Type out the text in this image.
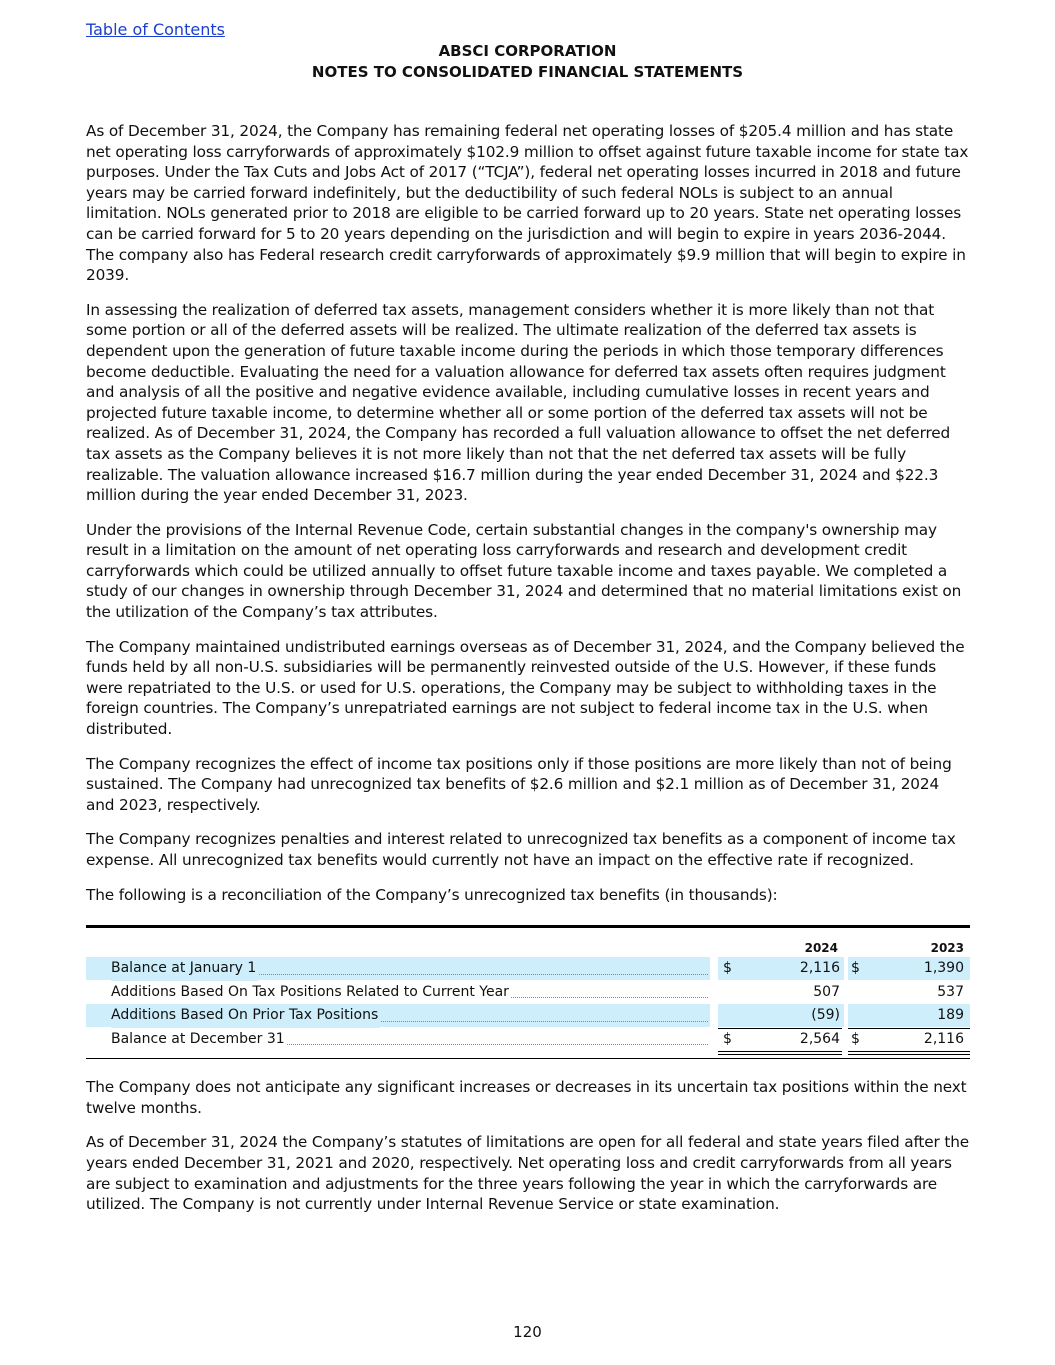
Table of Contents
ABSCI CORPORATION
NOTES TO CONSOLIDATED FINANCIAL STATEMENTS

As of December 31, 2024, the Company has remaining federal net operating losses of $205.4 million and has state net operating loss carryforwards of approximately $102.9 million to offset against future taxable income for state tax purposes. Under the Tax Cuts and Jobs Act of 2017 (“TCJA”), federal net operating losses incurred in 2018 and future years may be carried forward indefinitely, but the deductibility of such federal NOLs is subject to an annual limitation. NOLs generated prior to 2018 are eligible to be carried forward up to 20 years. State net operating losses can be carried forward for 5 to 20 years depending on the jurisdiction and will begin to expire in years 2036-2044. The company also has Federal research credit carryforwards of approximately $9.9 million that will begin to expire in 2039.

In assessing the realization of deferred tax assets, management considers whether it is more likely than not that some portion or all of the deferred assets will be realized. The ultimate realization of the deferred tax assets is dependent upon the generation of future taxable income during the periods in which those temporary differences become deductible. Evaluating the need for a valuation allowance for deferred tax assets often requires judgment and analysis of all the positive and negative evidence available, including cumulative losses in recent years and projected future taxable income, to determine whether all or some portion of the deferred tax assets will not be realized. As of December 31, 2024, the Company has recorded a full valuation allowance to offset the net deferred tax assets as the Company believes it is not more likely than not that the net deferred tax assets will be fully realizable. The valuation allowance increased $16.7 million during the year ended December 31, 2024 and $22.3 million during the year ended December 31, 2023.

Under the provisions of the Internal Revenue Code, certain substantial changes in the company's ownership may result in a limitation on the amount of net operating loss carryforwards and research and development credit carryforwards which could be utilized annually to offset future taxable income and taxes payable. We completed a study of our changes in ownership through December 31, 2024 and determined that no material limitations exist on the utilization of the Company’s tax attributes.

The Company maintained undistributed earnings overseas as of December 31, 2024, and the Company believed the funds held by all non-U.S. subsidiaries will be permanently reinvested outside of the U.S. However, if these funds were repatriated to the U.S. or used for U.S. operations, the Company may be subject to withholding taxes in the foreign countries. The Company’s unrepatriated earnings are not subject to federal income tax in the U.S. when distributed.

The Company recognizes the effect of income tax positions only if those positions are more likely than not of being sustained. The Company had unrecognized tax benefits of $2.6 million and $2.1 million as of December 31, 2024 and 2023, respectively.

The Company recognizes penalties and interest related to unrecognized tax benefits as a component of income tax expense. All unrecognized tax benefits would currently not have an impact on the effective rate if recognized.

The following is a reconciliation of the Company’s unrecognized tax benefits (in thousands):

2024	2023
Balance at January 1	$	2,116 $	1,390
Additions Based On Tax Positions Related to Current Year	507	537
Additions Based On Prior Tax Positions	(59)	189
Balance at December 31	$	2,564 $	2,116

The Company does not anticipate any significant increases or decreases in its uncertain tax positions within the next twelve months.

As of December 31, 2024 the Company’s statutes of limitations are open for all federal and state years filed after the years ended December 31, 2021 and 2020, respectively. Net operating loss and credit carryforwards from all years are subject to examination and adjustments for the three years following the year in which the carryforwards are utilized. The Company is not currently under Internal Revenue Service or state examination.

120
